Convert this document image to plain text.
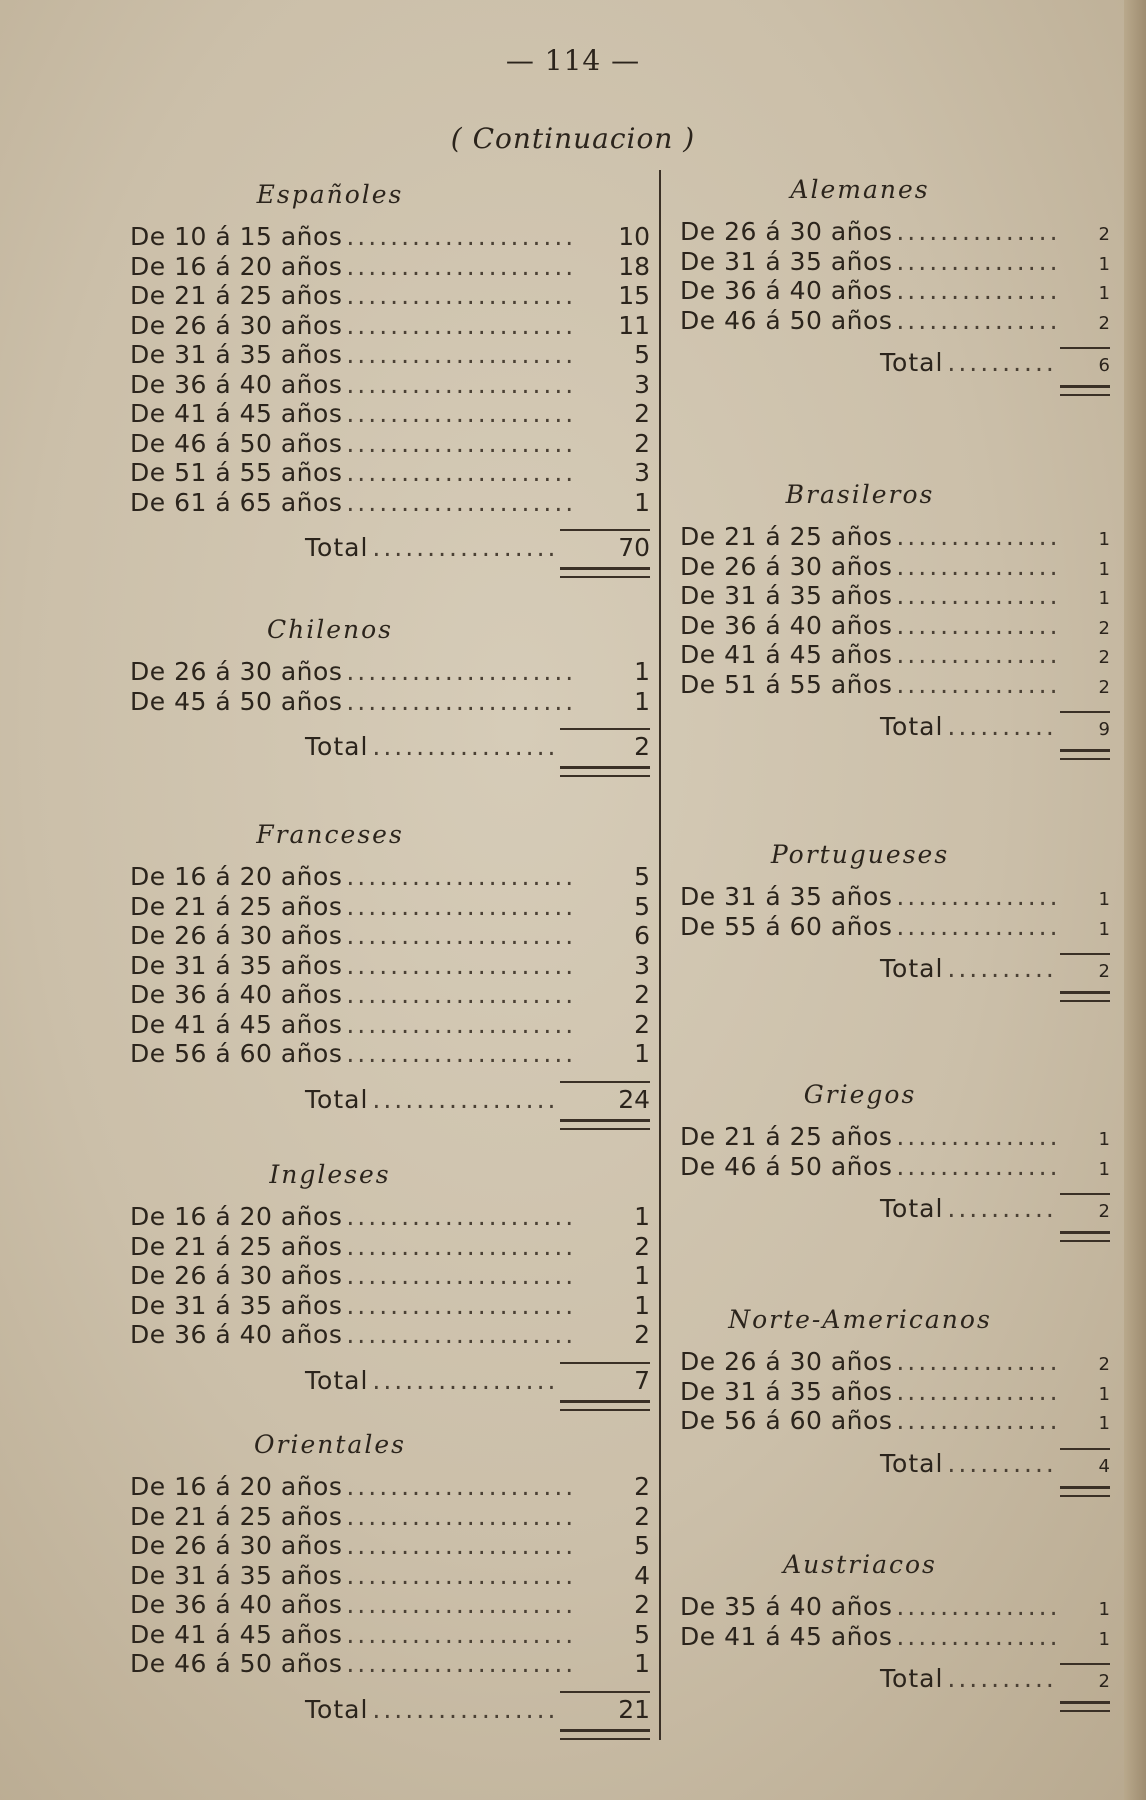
— 114 —
( Continuacion )
Españoles
De 10 á 15 años .....	10
De 16 á 20 años .....	18
De 21 á 25 años .....	15
De 26 á 30 años .....	11
De 31 á 35 años .....	5
De 36 á 40 años .....	3
De 41 á 45 años .....	2
De 46 á 50 años .....	2
De 51 á 55 años .....	3
De 61 á 65 años .....	1
Total .....	70
Chilenos
De 26 á 30 años .....	1
De 45 á 50 años .....	1
Total .....	2
Franceses
De 16 á 20 años .....	5
De 21 á 25 años .....	5
De 26 á 30 años .....	6
De 31 á 35 años .....	3
De 36 á 40 años .....	2
De 41 á 45 años .....	2
De 56 á 60 años .....	1
Total .....	24
Ingleses
De 16 á 20 años .....	1
De 21 á 25 años .....	2
De 26 á 30 años .....	1
De 31 á 35 años .....	1
De 36 á 40 años .....	2
Total .....	7
Orientales
De 16 á 20 años .....	2
De 21 á 25 años .....	2
De 26 á 30 años .....	5
De 31 á 35 años .....	4
De 36 á 40 años .....	2
De 41 á 45 años .....	5
De 46 á 50 años .....	1
Total .....	21
Alemanes
De 26 á 30 años .....	2
De 31 á 35 años .....	1
De 36 á 40 años .....	1
De 46 á 50 años .....	2
Total .....	6
Brasileros
De 21 á 25 años .....	1
De 26 á 30 años .....	1
De 31 á 35 años .....	1
De 36 á 40 años .....	2
De 41 á 45 años .....	2
De 51 á 55 años .....	2
Total .....	9
Portugueses
De 31 á 35 años .....	1
De 55 á 60 años .....	1
Total .....	2
Griegos
De 21 á 25 años .....	1
De 46 á 50 años .....	1
Total .....	2
Norte-Americanos
De 26 á 30 años .....	2
De 31 á 35 años .....	1
De 56 á 60 años .....	1
Total .....	4
Austriacos
De 35 á 40 años .....	1
De 41 á 45 años .....	1
Total .....	2
